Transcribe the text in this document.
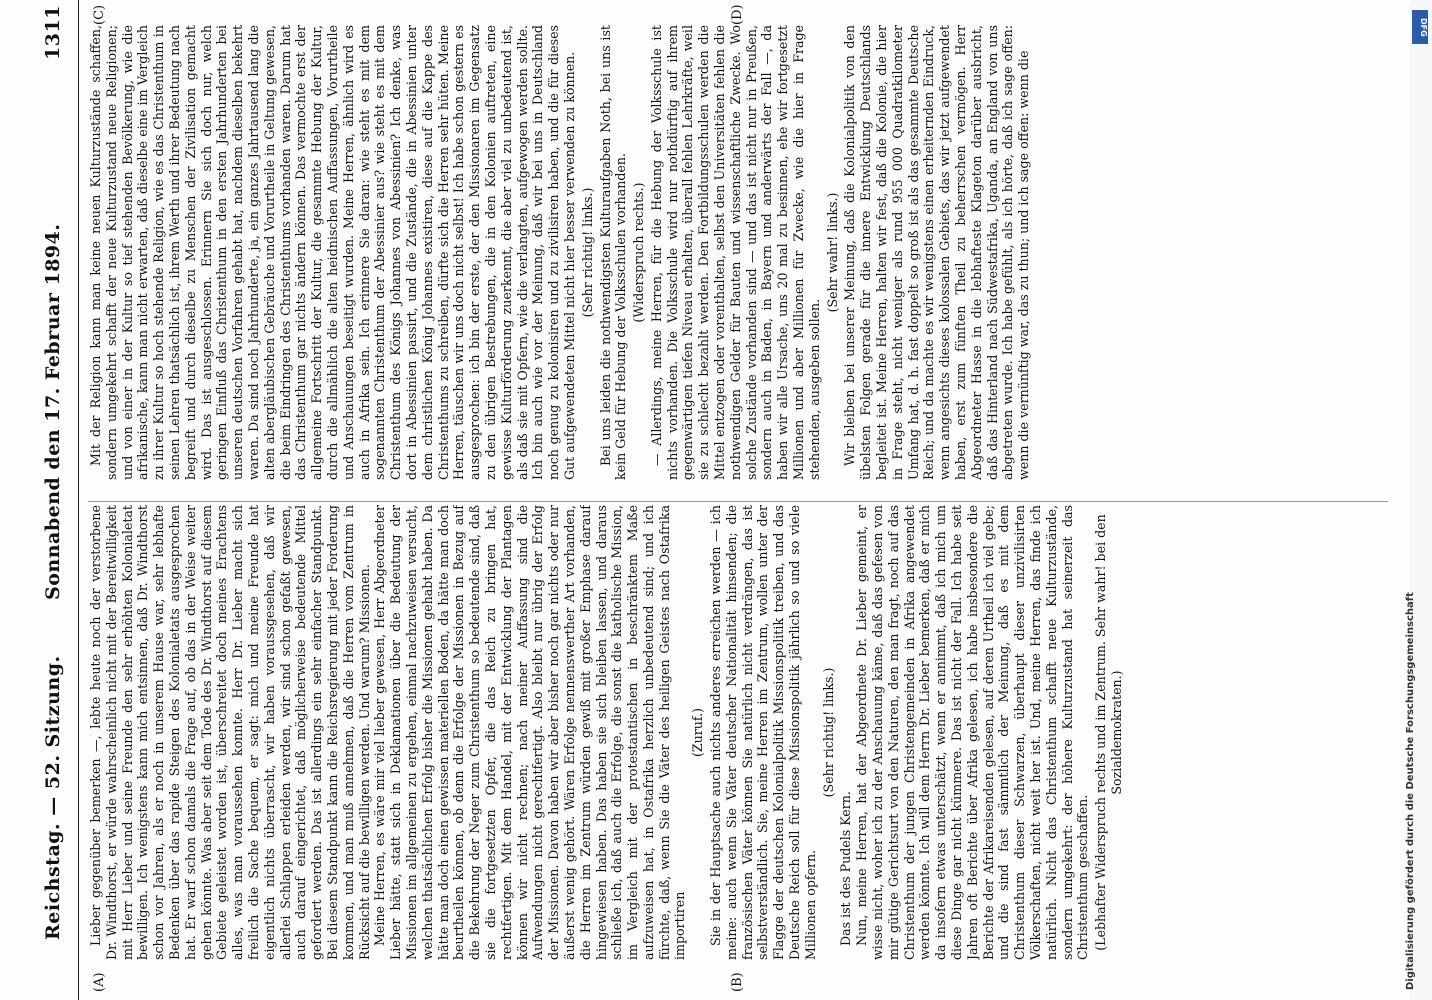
Reichstag. — 52. Sitzung.
Sonnabend den 17. Februar 1894.
1311
(A)	(B)
(C)	(D)

Lieber gegenüber bemerken —, lebte heute noch der verstorbene Dr. Windthorst, er würde wahrscheinlich nicht mit der Bereitwilligkeit mit Herr Lieber und seine Freunde den sehr erhöhten Kolonialetat bewilligen. Ich wenigstens kann mich entsinnen, daß Dr. Windthorst schon vor Jahren, als er noch in unserem Hause war, sehr lebhafte Bedenken über das rapide Steigen des Kolonialetats ausgesprochen hat. Er warf schon damals die Frage auf, ob das in der Weise weiter gehen könnte. Was aber seit dem Tode des Dr. Windthorst auf diesem Gebiete geleistet worden ist, überschreitet doch meines Erachtens alles, was man voraussehen konnte. Herr Dr. Lieber macht sich freilich die Sache bequem, er sagt: mich und meine Freunde hat eigentlich nichts überrascht, wir haben voraussgesehen, daß wir allerlei Schlappen erleiden werden, wir sind schon gefaßt gewesen, auch darauf eingerichtet, daß möglicherweise bedeutende Mittel gefordert werden. Das ist allerdings ein sehr einfacher Standpunkt. Bei diesem Standpunkt kann die Reichsregierung mit jeder Forderung kommen, und man muß annehmen, daß die Herren vom Zentrum in Rücksicht auf die bewilligen werden. Und warum? Missionen. Meine Herren, es wäre mir viel lieber gewesen, Herr Abgeordneter Lieber hätte, statt sich in Deklamationen über die Bedeutung der Missionen im allgemeinen zu ergehen, einmal nachzuweisen versucht, welchen thatsächlichen Erfolg bisher die Missionen gehabt haben. Da hätte man doch einen gewissen materiellen Boden, da hätte man doch beurtheilen können, ob denn die Erfolge der Missionen in Bezug auf die Bekehrung der Neger zum Christenthum so bedeutende sind, daß sie die fortgesetzten Opfer, die das Reich zu bringen hat, rechtfertigen. Mit dem Handel, mit der Entwicklung der Plantagen können wir nicht rechnen; nach meiner Auffassung sind die Aufwendungen nicht gerechtfertigt. Also bleibt nur übrig der Erfolg der Missionen. Davon haben wir aber bisher noch gar nichts oder nur äußerst wenig gehört. Wären Erfolge nennenswerther Art vorhanden, die Herren im Zentrum würden gewiß mit großer Emphase darauf hingewiesen haben. Das haben sie sich bleiben lassen, und daraus schließe ich, daß auch die Erfolge, die sonst die katholische Mission, im Vergleich mit der protestantischen in beschränktem Maße aufzuweisen hat, in Ostafrika herzlich unbedeutend sind; und ich fürchte, daß, wenn Sie die Väter des heiligen Geistes nach Ostafrika importiren

(Zuruf.) Sie in der Hauptsache auch nichts anderes erreichen werden — ich meine: auch wenn Sie Väter deutscher Nationalität hinsenden; die französischen Väter können Sie natürlich nicht verdrängen, das ist selbstverständlich. Sie, meine Herren im Zentrum, wollen unter der Flagge der deutschen Kolonialpolitik Missionspolitik treiben, und das Deutsche Reich soll für diese Missionspolitik jährlich so und so viele Millionen opfern.

(Sehr richtig! links.)

Das ist des Pudels Kern. Nun, meine Herren, hat der Abgeordnete Dr. Lieber gemeint, er wisse nicht, woher ich zu der Anschauung käme, daß das gefesen von mir gütige Gerichtsurt von den Naturen, den man fragt, noch auf das Christenthum der jungen Christengemeinden in Afrika angewendet werden könnte. Ich will dem Herrn Dr. Lieber bemerken, daß er mich da insofern etwas unterschätzt, wenn er annimmt, daß ich mich um diese Dinge gar nicht kümmere. Das ist nicht der Fall. Ich habe seit Jahren oft Berichte über Afrika gelesen, ich habe insbesondere die Berichte der Afrikareisenden gelesen, auf deren Urtheil ich viel gebe; und die sind fast sämmtlich der Meinung, daß es mit dem Christenthum dieser Schwarzen, überhaupt dieser unzivilisirten Völkerschaften, nicht weit her ist. Und, meine Herren, das finde ich natürlich. Nicht das Christenthum schafft neue Kulturzustände, sondern umgekehrt: der höhere Kulturzustand hat seinerzeit das Christenthum geschaffen. (Lebhafter Widerspruch rechts und im Zentrum. Sehr wahr! bei den Sozialdemokraten.)

Mit der Religion kann man keine neuen Kulturzustände schaffen, sondern umgekehrt schafft der neue Kulturzustand neue Religionen; und von einer in der Kultur so tief stehenden Bevölkerung, wie die afrikanische, kann man nicht erwarten, daß dieselbe eine im Vergleich zu ihrer Kultur so hoch stehende Religion, wie es das Christenthum in seinen Lehren thatsächlich ist, ihrem Werth und ihrer Bedeutung nach begreift und durch dieselbe zu Menschen der Zivilisation gemacht wird. Das ist ausgeschlossen. Erinnern Sie sich doch nur, welch geringen Einfluß das Christenthum in den ersten Jahrhunderten bei unseren deutschen Vorfahren gehabt hat, nachdem dieselben bekehrt waren. Da sind noch Jahrhunderte, ja, ein ganzes Jahrtausend lang die alten abergläubischen Gebräuche und Vorurtheile in Geltung gewesen, die beim Eindringen des Christenthums vorhanden waren. Darum hat das Christenthum gar nichts ändern können. Das vermochte erst der allgemeine Fortschritt der Kultur, die gesammte Hebung der Kultur, durch die allmählich die alten heidnischen Auffassungen, Vorurtheile und Anschauungen beseitigt wurden. Meine Herren, ähnlich wird es auch in Afrika sein. Ich erinnere Sie daran: wie steht es mit dem sogenannten Christenthum der Abessinier aus? wie steht es mit dem Christenthum des Königs Johannes von Abessinien? Ich denke, was dort in Abessinien passirt, und die Zustände, die in Abessinien unter dem christlichen König Johannes existiren, diese auf die Kappe des Christenthums zu schreiben, dürfte sich die Herren sehr hüten. Meine Herren, täuschen wir uns doch nicht selbst! Ich habe schon gestern es ausgesprochen: ich bin der erste, der den Missionaren im Gegensatz zu den übrigen Bestrebungen, die in den Kolonien auftreten, eine gewisse Kulturförderung zuerkennt, die aber viel zu unbedeutend ist, als daß sie mit Opfern, wie die verlangten, aufgewogen werden sollte. Ich bin auch wie vor der Meinung, daß wir bei uns in Deutschland noch genug zu kolonisiren und zu zivilisiren haben, und die für dieses Gut aufgewendeten Mittel nicht hier besser verwenden zu können. (Sehr richtig! links.) Bei uns leiden die nothwendigsten Kulturaufgaben Noth, bei uns ist kein Geld für Hebung der Volksschulen vorhanden. (Widerspruch rechts.) — Allerdings, meine Herren, für die Hebung der Volksschule ist nichts vorhanden. Die Volksschule wird nur nothdürftig auf ihrem gegenwärtigen tiefen Niveau erhalten, überall fehlen Lehrkräfte, weil sie zu schlecht bezahlt werden. Den Fortbildungsschulen werden die Mittel entzogen oder vorenthalten, selbst den Universitäten fehlen die nothwendigen Gelder für Bauten und wissenschaftliche Zwecke. Wo solche Zustände vorhanden sind — und das ist nicht nur in Preußen, sondern auch in Baden, in Bayern und anderwärts der Fall —, da haben wir alle Ursache, uns 20 mal zu besinnen, ehe wir fortgesetzt Millionen und aber Millionen für Zwecke, wie die hier in Frage stehenden, ausgeben sollen.

(Sehr wahr! links.) Wir bleiben bei unserer Meinung, daß die Kolonialpolitik von den übelsten Folgen gerade für die innere Entwicklung Deutschlands begleitet ist. Meine Herren, halten wir fest, daß die Kolonie, die hier in Frage steht, nicht weniger als rund 955 000 Quadratkilometer Umfang hat, d. h. fast doppelt so groß ist als das gesammte Deutsche Reich; und da machte es wir wenigstens einen erheiternden Eindruck, wenn angesichts dieses kolossalen Gebiets, das wir jetzt aufgewendet haben, erst zum fünften Theil zu beherrschen vermögen. Herr Abgeordneter Hasse in die lebhafteste Klageton darüber ausbricht, daß das Hinterland nach Südwestafrika, Uganda, an England von uns abgetreten wurde. Ich habe gefühlt, als ich hörte, daß ich sage offen: wenn die vernünftig war, das zu thun; und ich sage offen: wenn die

Digitalisierung gefördert durch die Deutsche Forschungsgemeinschaft
DFG
